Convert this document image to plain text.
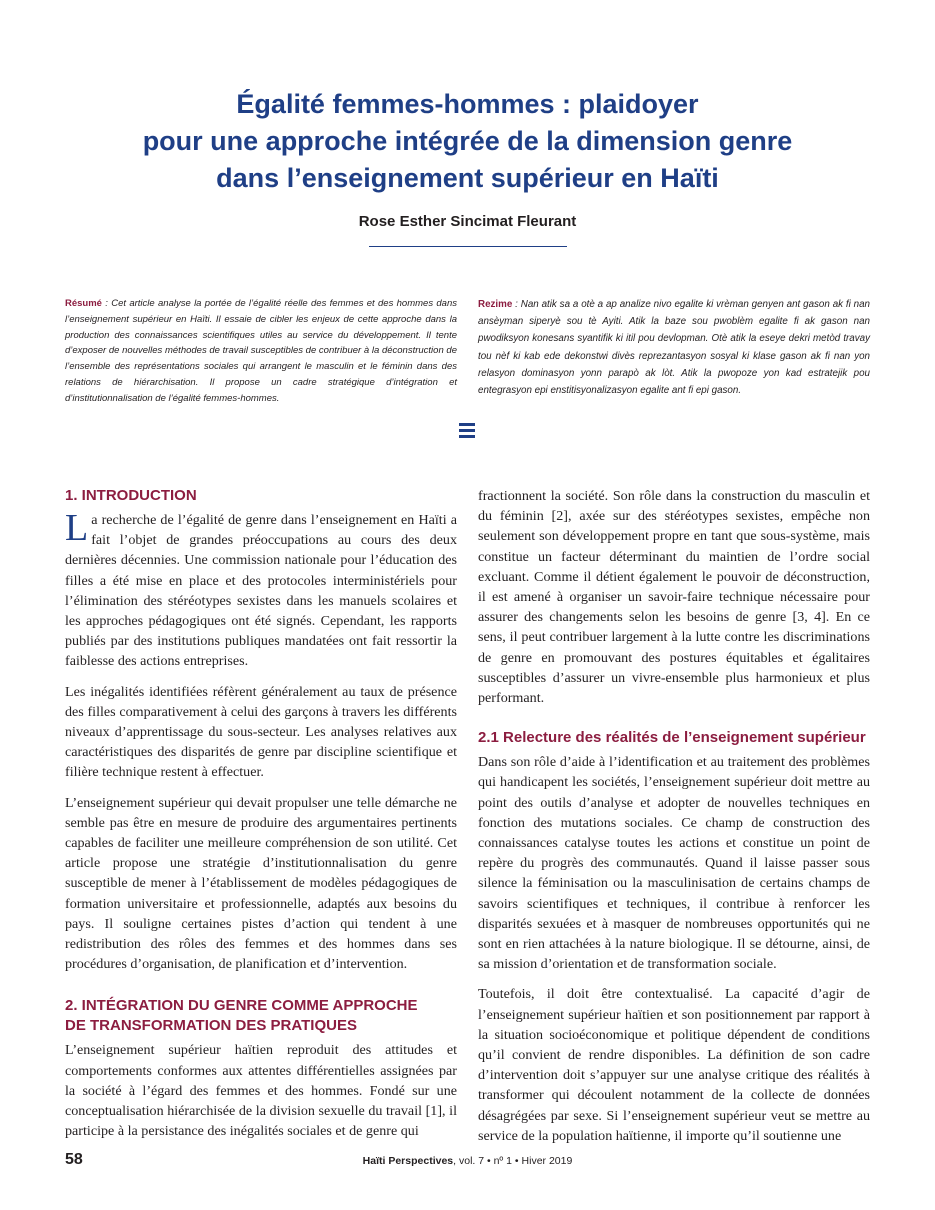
Égalité femmes-hommes : plaidoyer
pour une approche intégrée de la dimension genre
dans l’enseignement supérieur en Haïti

Rose Esther Sincimat Fleurant

Résumé : Cet article analyse la portée de l’égalité réelle des femmes et des hommes dans l’enseignement supérieur en Haïti. Il essaie de cibler les enjeux de cette approche dans la production des connaissances scientifiques utiles au service du développement. Il tente d’exposer de nouvelles méthodes de travail susceptibles de contribuer à la déconstruction de l’ensemble des représentations sociales qui arrangent le masculin et le féminin dans des relations de hiérarchisation. Il propose un cadre stratégique d’intégration et d’institutionnalisation de l’égalité femmes-hommes.

Rezime : Nan atik sa a otè a ap analize nivo egalite ki vrèman genyen ant gason ak fi nan ansèyman siperyè sou tè Ayiti. Atik la baze sou pwoblèm egalite fi ak gason nan pwodiksyon konesans syantifik ki itil pou devlopman. Otè atik la eseye dekri metòd travay tou nèf ki kab ede dekonstwi divès reprezantasyon sosyal ki klase gason ak fi nan yon relasyon dominasyon yonn parapò ak lòt. Atik la pwopoze yon kad estratejik pou entegrasyon epi enstitisyonalizasyon egalite ant fi epi gason.

1. INTRODUCTION

La recherche de l’égalité de genre dans l’enseignement en Haïti a fait l’objet de grandes préoccupations au cours des deux dernières décennies. Une commission nationale pour l’éducation des filles a été mise en place et des protocoles interministériels pour l’élimination des stéréotypes sexistes dans les manuels scolaires et les approches pédagogiques ont été signés. Cependant, les rapports publiés par des institutions publiques mandatées ont fait ressortir la faiblesse des actions entreprises.

Les inégalités identifiées réfèrent généralement au taux de présence des filles comparativement à celui des garçons à travers les différents niveaux d’apprentissage du sous-secteur. Les analyses relatives aux caractéristiques des disparités de genre par discipline scientifique et filière technique restent à effectuer.

L’enseignement supérieur qui devait propulser une telle démarche ne semble pas être en mesure de produire des argumentaires pertinents capables de faciliter une meilleure compréhension de son utilité. Cet article propose une stratégie d’institutionnalisation du genre susceptible de mener à l’établissement de modèles pédagogiques de formation universitaire et professionnelle, adaptés aux besoins du pays. Il souligne certaines pistes d’action qui tendent à une redistribution des rôles des femmes et des hommes dans ses procédures d’organisation, de planification et d’intervention.

2. INTÉGRATION DU GENRE COMME APPROCHE
DE TRANSFORMATION DES PRATIQUES

L’enseignement supérieur haïtien reproduit des attitudes et comportements conformes aux attentes différentielles assignées par la société à l’égard des femmes et des hommes. Fondé sur une conceptualisation hiérarchisée de la division sexuelle du travail [1], il participe à la persistance des inégalités sociales et de genre qui

fractionnent la société. Son rôle dans la construction du masculin et du féminin [2], axée sur des stéréotypes sexistes, empêche non seulement son développement propre en tant que sous-système, mais constitue un facteur déterminant du maintien de l’ordre social excluant. Comme il détient également le pouvoir de déconstruction, il est amené à organiser un savoir-faire technique nécessaire pour assurer des changements selon les besoins de genre [3, 4]. En ce sens, il peut contribuer largement à la lutte contre les discriminations de genre en promouvant des postures équitables et égalitaires susceptibles d’assurer un vivre-ensemble plus harmonieux et plus performant.

2.1 Relecture des réalités de l’enseignement supérieur

Dans son rôle d’aide à l’identification et au traitement des problèmes qui handicapent les sociétés, l’enseignement supérieur doit mettre au point des outils d’analyse et adopter de nouvelles techniques en fonction des mutations sociales. Ce champ de construction des connaissances catalyse toutes les actions et constitue un point de repère du progrès des communautés. Quand il laisse passer sous silence la féminisation ou la masculinisation de certains champs de savoirs scientifiques et techniques, il contribue à renforcer les disparités sexuées et à masquer de nombreuses opportunités qui ne sont en rien attachées à la nature biologique. Il se détourne, ainsi, de sa mission d’orientation et de transformation sociale.

Toutefois, il doit être contextualisé. La capacité d’agir de l’enseignement supérieur haïtien et son positionnement par rapport à la situation socioéconomique et politique dépendent de conditions qu’il convient de rendre disponibles. La définition de son cadre d’intervention doit s’appuyer sur une analyse critique des réalités à transformer qui découlent notamment de la collecte de données désagrégées par sexe. Si l’enseignement supérieur veut se mettre au service de la population haïtienne, il importe qu’il soutienne une

58	Haïti Perspectives, vol. 7 • nº 1 • Hiver 2019
